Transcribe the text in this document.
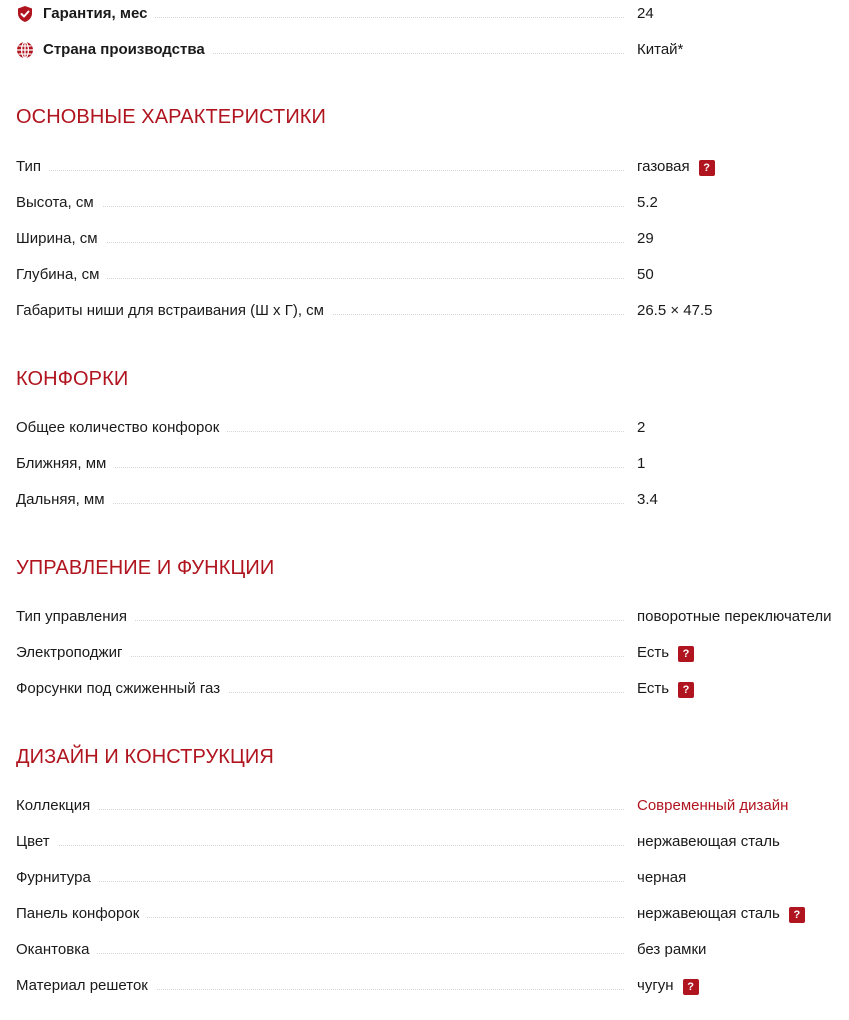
Гарантия, мес	24
Страна производства	Китай*
ОСНОВНЫЕ ХАРАКТЕРИСТИКИ
Тип	газовая ?
Высота, см	5.2
Ширина, см	29
Глубина, см	50
Габариты ниши для встраивания (Ш х Г), см	26.5 × 47.5
КОНФОРКИ
Общее количество конфорок	2
Ближняя, мм	1
Дальняя, мм	3.4
УПРАВЛЕНИЕ И ФУНКЦИИ
Тип управления	поворотные переключатели
Электроподжиг	Есть ?
Форсунки под сжиженный газ	Есть ?
ДИЗАЙН И КОНСТРУКЦИЯ
Коллекция	Современный дизайн
Цвет	нержавеющая сталь
Фурнитура	черная
Панель конфорок	нержавеющая сталь ?
Окантовка	без рамки
Материал решеток	чугун ?
